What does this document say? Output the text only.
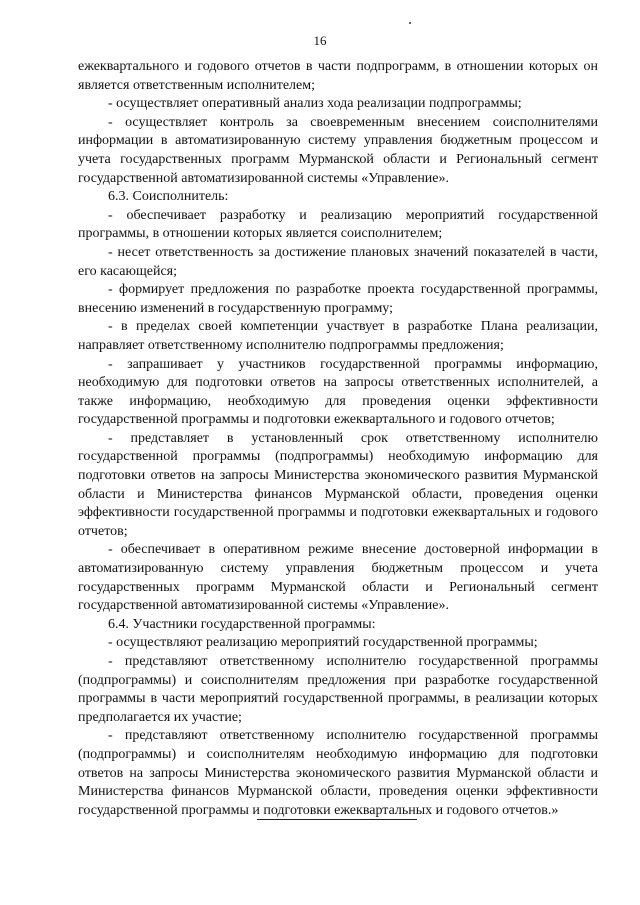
16

ежеквартального и годового отчетов в части подпрограмм, в отношении которых он является ответственным исполнителем;

- осуществляет оперативный анализ хода реализации подпрограммы;

- осуществляет контроль за своевременным внесением соисполнителями информации в автоматизированную систему управления бюджетным процессом и учета государственных программ Мурманской области и Региональный сегмент государственной автоматизированной системы «Управление».

6.3. Соисполнитель:

- обеспечивает разработку и реализацию мероприятий государственной программы, в отношении которых является соисполнителем;

- несет ответственность за достижение плановых значений показателей в части, его касающейся;

- формирует предложения по разработке проекта государственной программы, внесению изменений в государственную программу;

- в пределах своей компетенции участвует в разработке Плана реализации, направляет ответственному исполнителю подпрограммы предложения;

- запрашивает у участников государственной программы информацию, необходимую для подготовки ответов на запросы ответственных исполнителей, а также информацию, необходимую для проведения оценки эффективности государственной программы и подготовки ежеквартального и годового отчетов;

- представляет в установленный срок ответственному исполнителю государственной программы (подпрограммы) необходимую информацию для подготовки ответов на запросы Министерства экономического развития Мурманской области и Министерства финансов Мурманской области, проведения оценки эффективности государственной программы и подготовки ежеквартальных и годового отчетов;

- обеспечивает в оперативном режиме внесение достоверной информации в автоматизированную систему управления бюджетным процессом и учета государственных программ Мурманской области и Региональный сегмент государственной автоматизированной системы «Управление».

6.4. Участники государственной программы:

- осуществляют реализацию мероприятий государственной программы;

- представляют ответственному исполнителю государственной программы (подпрограммы) и соисполнителям предложения при разработке государственной программы в части мероприятий государственной программы, в реализации которых предполагается их участие;

- представляют ответственному исполнителю государственной программы (подпрограммы) и соисполнителям необходимую информацию для подготовки ответов на запросы Министерства экономического развития Мурманской области и Министерства финансов Мурманской области, проведения оценки эффективности государственной программы и подготовки ежеквартальных и годового отчетов.»
